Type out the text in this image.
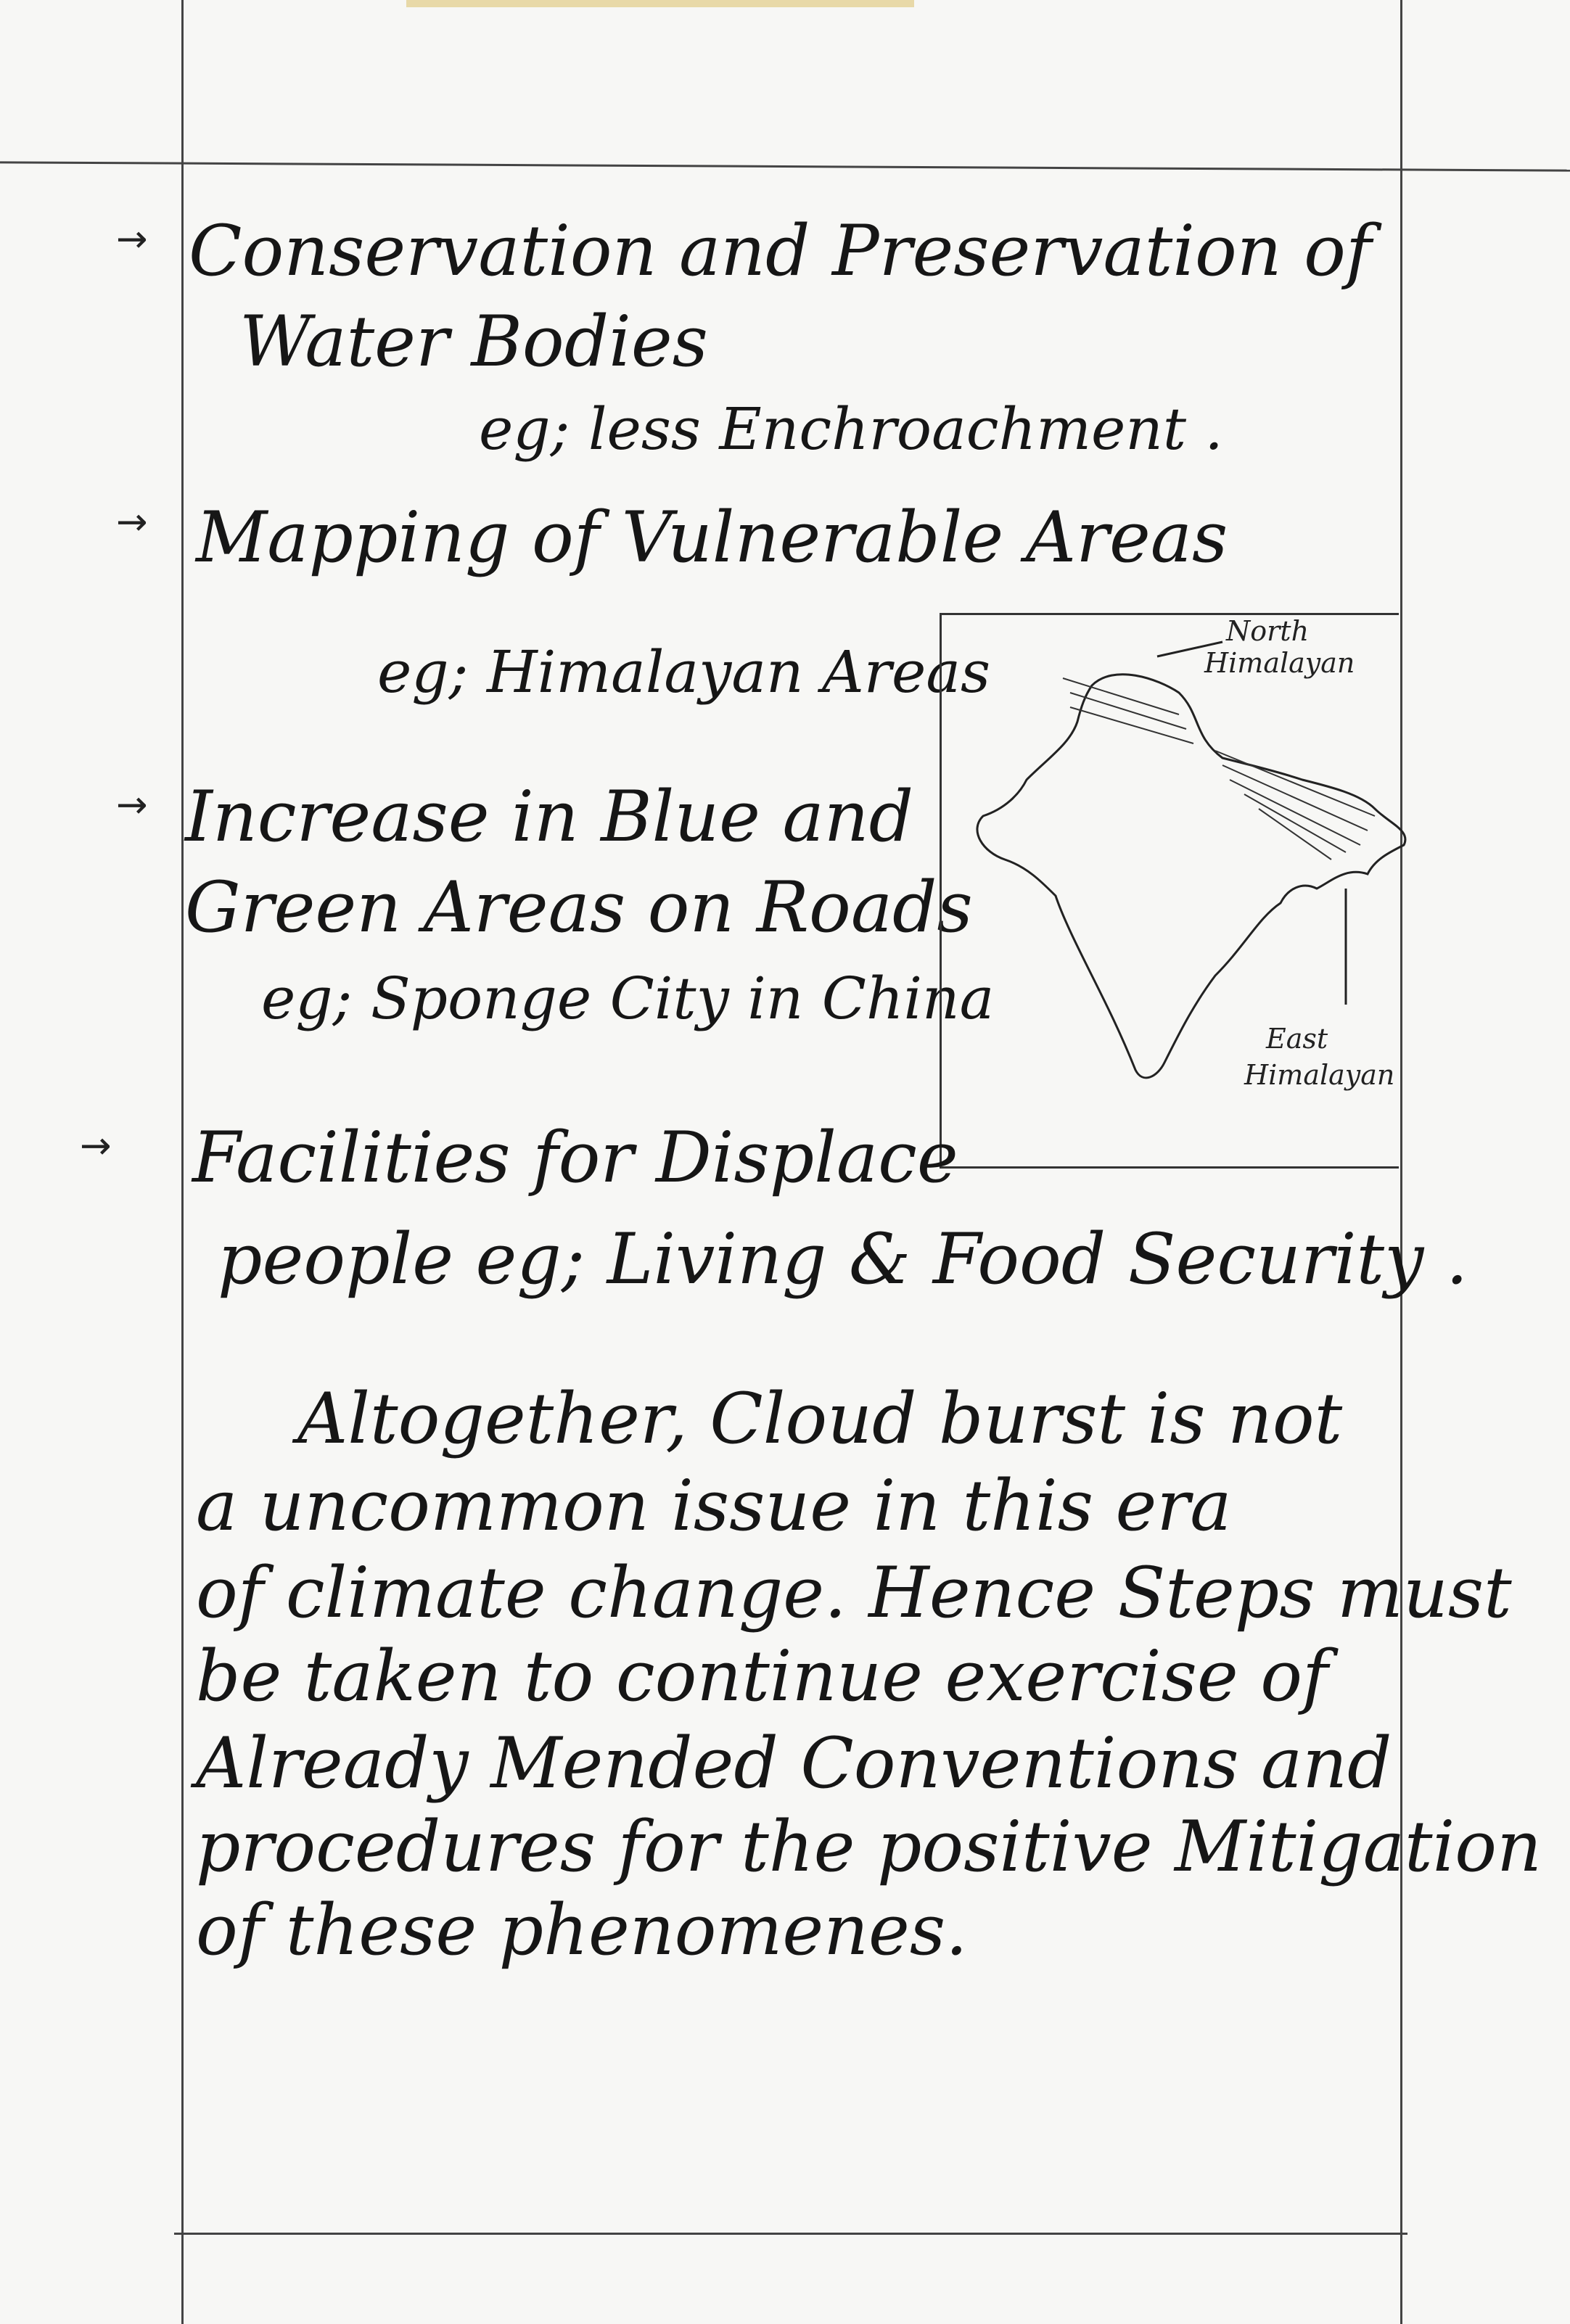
→ Conservation and Preservation of
Water Bodies
eg; less Enchroachment .
→ Mapping of Vulnerable Areas
eg; Himalayan Areas
→ Increase in Blue and
Green Areas on Roads
eg; Sponge City in China
North
Himalayan
East
Himalayan
→ Facilities for Displace
people eg; Living & Food Security .
Altogether, Cloud burst is not
a uncommon issue in this era
of climate change. Hence Steps must
be taken to continue exercise of
Already Mended Conventions and
procedures for the positive Mitigation
of these phenomenes.
